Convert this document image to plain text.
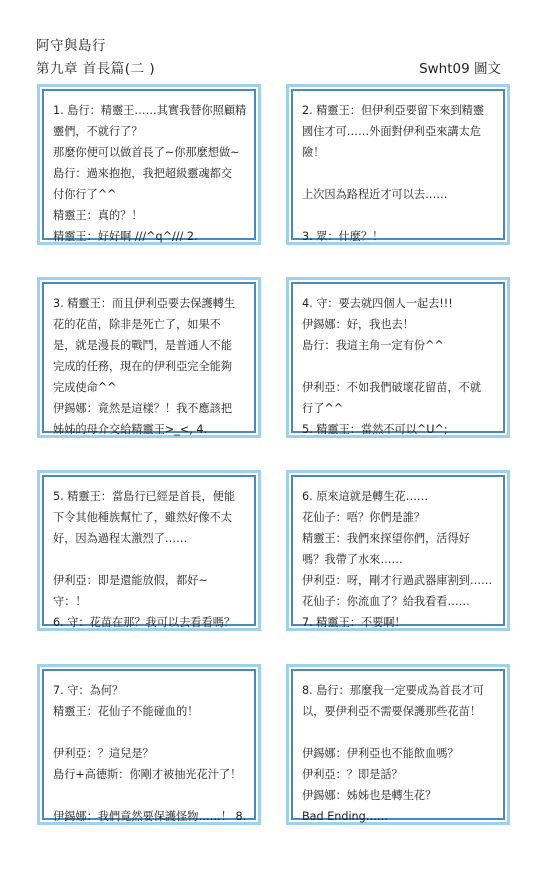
阿守與島行
第九章 首長篇(二 )	Swht09 圖文
1. 島行：精靈王……其實我替你照顧精
靈們，不就行了？
那麼你便可以做首長了~你那麼想做~
島行：過來抱抱，我把超級靈魂都交
付你行了^^
精靈王：真的？！
精靈王：好好啊 ///^q^/// 2.
2. 精靈王：但伊利亞要留下來到精靈
國住才可……外面對伊利亞來講太危
險！

上次因為路程近才可以去……

3. 眾：什麼？！
3. 精靈王：而且伊利亞要去保護轉生
花的花苗，除非是死亡了，如果不
是，就是漫長的戰鬥，是普通人不能
完成的任務，現在的伊利亞完全能夠
完成使命^^
伊錫娜：竟然是這樣？！我不應該把
姊姊的母介交給精靈王>_<, 4.
4. 守：要去就四個人一起去!!!
伊錫娜：好，我也去！
島行：我這主角一定有份^^

伊利亞：不如我們破壞花留苗，不就
行了^^
5. 精靈王：當然不可以^U^;
5. 精靈王：當島行已經是首長，便能
下令其他種族幫忙了，雖然好像不太
好，因為過程太激烈了……

伊利亞：即是還能放假，都好~
守：！
6. 守：花苗在那？我可以去看看嗎？
6. 原來這就是轉生花……
花仙子：唔？你們是誰？
精靈王：我們來探望你們，活得好
嗎？我帶了水來……
伊利亞：呀，剛才行過武器庫割到……
花仙子：你流血了？給我看看……
7. 精靈王：不要啊！
7. 守：為何？
精靈王：花仙子不能碰血的！

伊利亞：？這兒是？
島行+高德斯：你剛才被抽光花汁了！

伊錫娜：我們竟然要保護怪物……！ 8.
8. 島行：那麼我一定要成為首長才可
以，要伊利亞不需要保護那些花苗！

伊錫娜：伊利亞也不能飲血嗎？
伊利亞：？即是話？
伊錫娜：姊姊也是轉生花？
Bad Ending……
